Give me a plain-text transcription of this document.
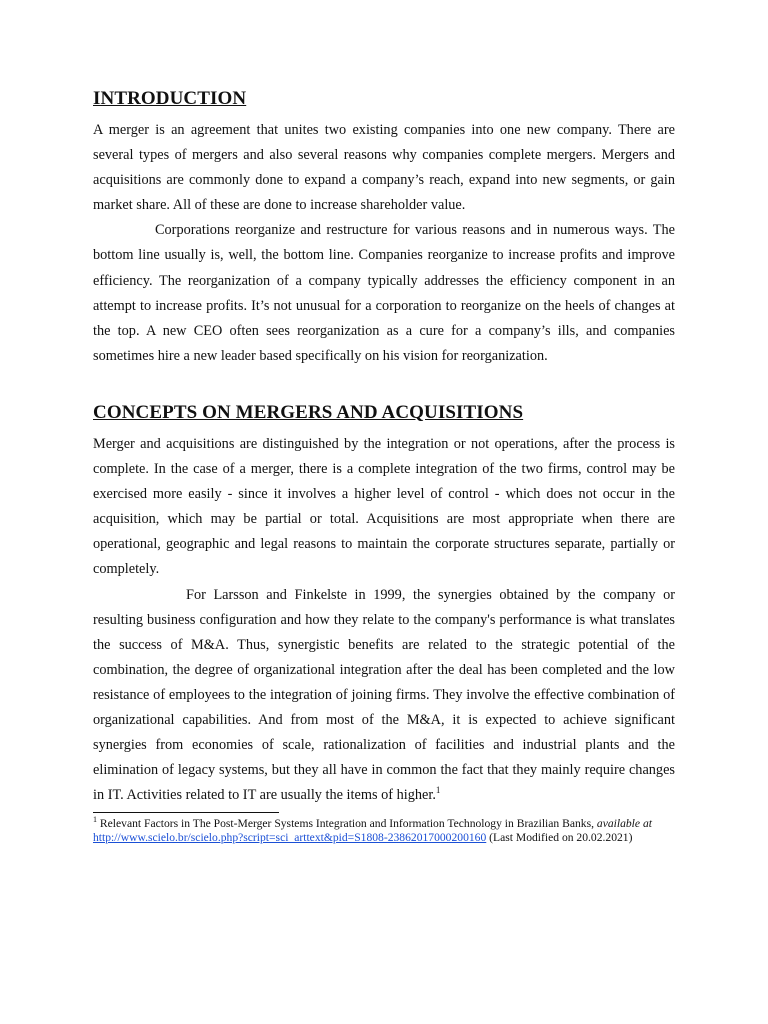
INTRODUCTION

A merger is an agreement that unites two existing companies into one new company. There are several types of mergers and also several reasons why companies complete mergers. Mergers and acquisitions are commonly done to expand a company’s reach, expand into new segments, or gain market share. All of these are done to increase shareholder value.

Corporations reorganize and restructure for various reasons and in numerous ways. The bottom line usually is, well, the bottom line. Companies reorganize to increase profits and improve efficiency. The reorganization of a company typically addresses the efficiency component in an attempt to increase profits. It’s not unusual for a corporation to reorganize on the heels of changes at the top. A new CEO often sees reorganization as a cure for a company’s ills, and companies sometimes hire a new leader based specifically on his vision for reorganization.

CONCEPTS ON MERGERS AND ACQUISITIONS

Merger and acquisitions are distinguished by the integration or not operations, after the process is complete. In the case of a merger, there is a complete integration of the two firms, control may be exercised more easily - since it involves a higher level of control - which does not occur in the acquisition, which may be partial or total. Acquisitions are most appropriate when there are operational, geographic and legal reasons to maintain the corporate structures separate, partially or completely.

For Larsson and Finkelste in 1999, the synergies obtained by the company or resulting business configuration and how they relate to the company's performance is what translates the success of M&A. Thus, synergistic benefits are related to the strategic potential of the combination, the degree of organizational integration after the deal has been completed and the low resistance of employees to the integration of joining firms. They involve the effective combination of organizational capabilities. And from most of the M&A, it is expected to achieve significant synergies from economies of scale, rationalization of facilities and industrial plants and the elimination of legacy systems, but they all have in common the fact that they mainly require changes in IT. Activities related to IT are usually the items of higher.$^1$

$^1$ Relevant Factors in The Post-Merger Systems Integration and Information Technology in Brazilian Banks, available at
http://www.scielo.br/scielo.php?script=sci_arttext&pid=S1808-23862017000200160 (Last Modified on 20.02.2021)
